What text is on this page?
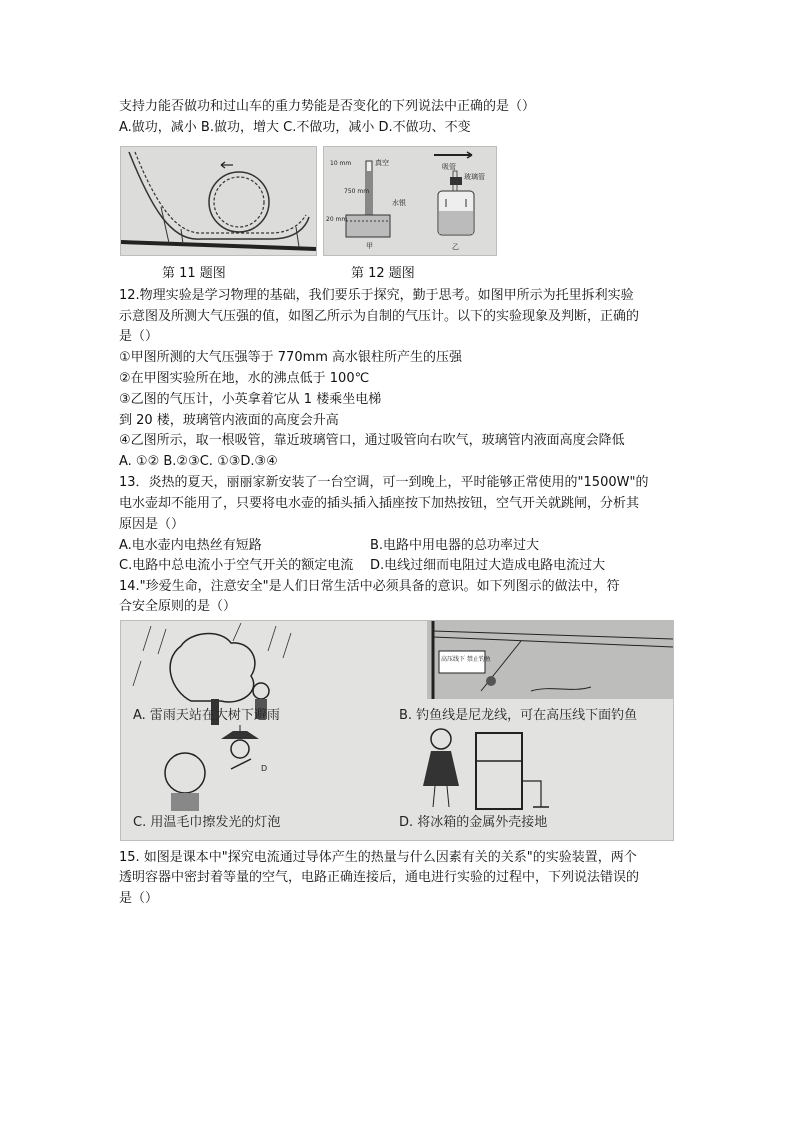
支持力能否做功和过山车的重力势能是否变化的下列说法中正确的是（）
A.做功，减小 B.做功，增大 C.不做功，减小 D.不做功、不变
10 mm	真空
750 mm
水银
20 mm
甲
吸管
玻璃管
乙
第 11 题图	第 12 题图
12.物理实验是学习物理的基础，我们要乐于探究，勤于思考。如图甲所示为托里拆利实验
示意图及所测大气压强的值，如图乙所示为自制的气压计。以下的实验现象及判断，正确的
是（）
①甲图所测的大气压强等于 770mm 高水银柱所产生的压强
②在甲图实验所在地，水的沸点低于 100℃
③乙图的气压计，小英拿着它从 1 楼乘坐电梯
到 20 楼，玻璃管内液面的高度会升高
④乙图所示，取一根吸管，靠近玻璃管口，通过吸管向右吹气，玻璃管内液面高度会降低
A. ①② B.②③C. ①③D.③④
13．炎热的夏天，丽丽家新安装了一台空调，可一到晚上，平时能够正常使用的"1500W"的
电水壶却不能用了，只要将电水壶的插头插入插座按下加热按钮，空气开关就跳闸，分析其
原因是（）
A.电水壶内电热丝有短路	B.电路中用电器的总功率过大
C.电路中总电流小于空气开关的额定电流 D.电线过细而电阻过大造成电路电流过大
14."珍爱生命，注意安全"是人们日常生活中必须具备的意识。如下列图示的做法中，符
合安全原则的是（）
A. 雷雨天站在大树下避雨
高压线下 禁止钓鱼
B. 钓鱼线是尼龙线，可在高压线下面钓鱼
D
C. 用温毛巾擦发光的灯泡	D. 将冰箱的金属外壳接地
15. 如图是课本中"探究电流通过导体产生的热量与什么因素有关的关系"的实验装置，两个
透明容器中密封着等量的空气，电路正确连接后，通电进行实验的过程中，下列说法错误的
是（）
